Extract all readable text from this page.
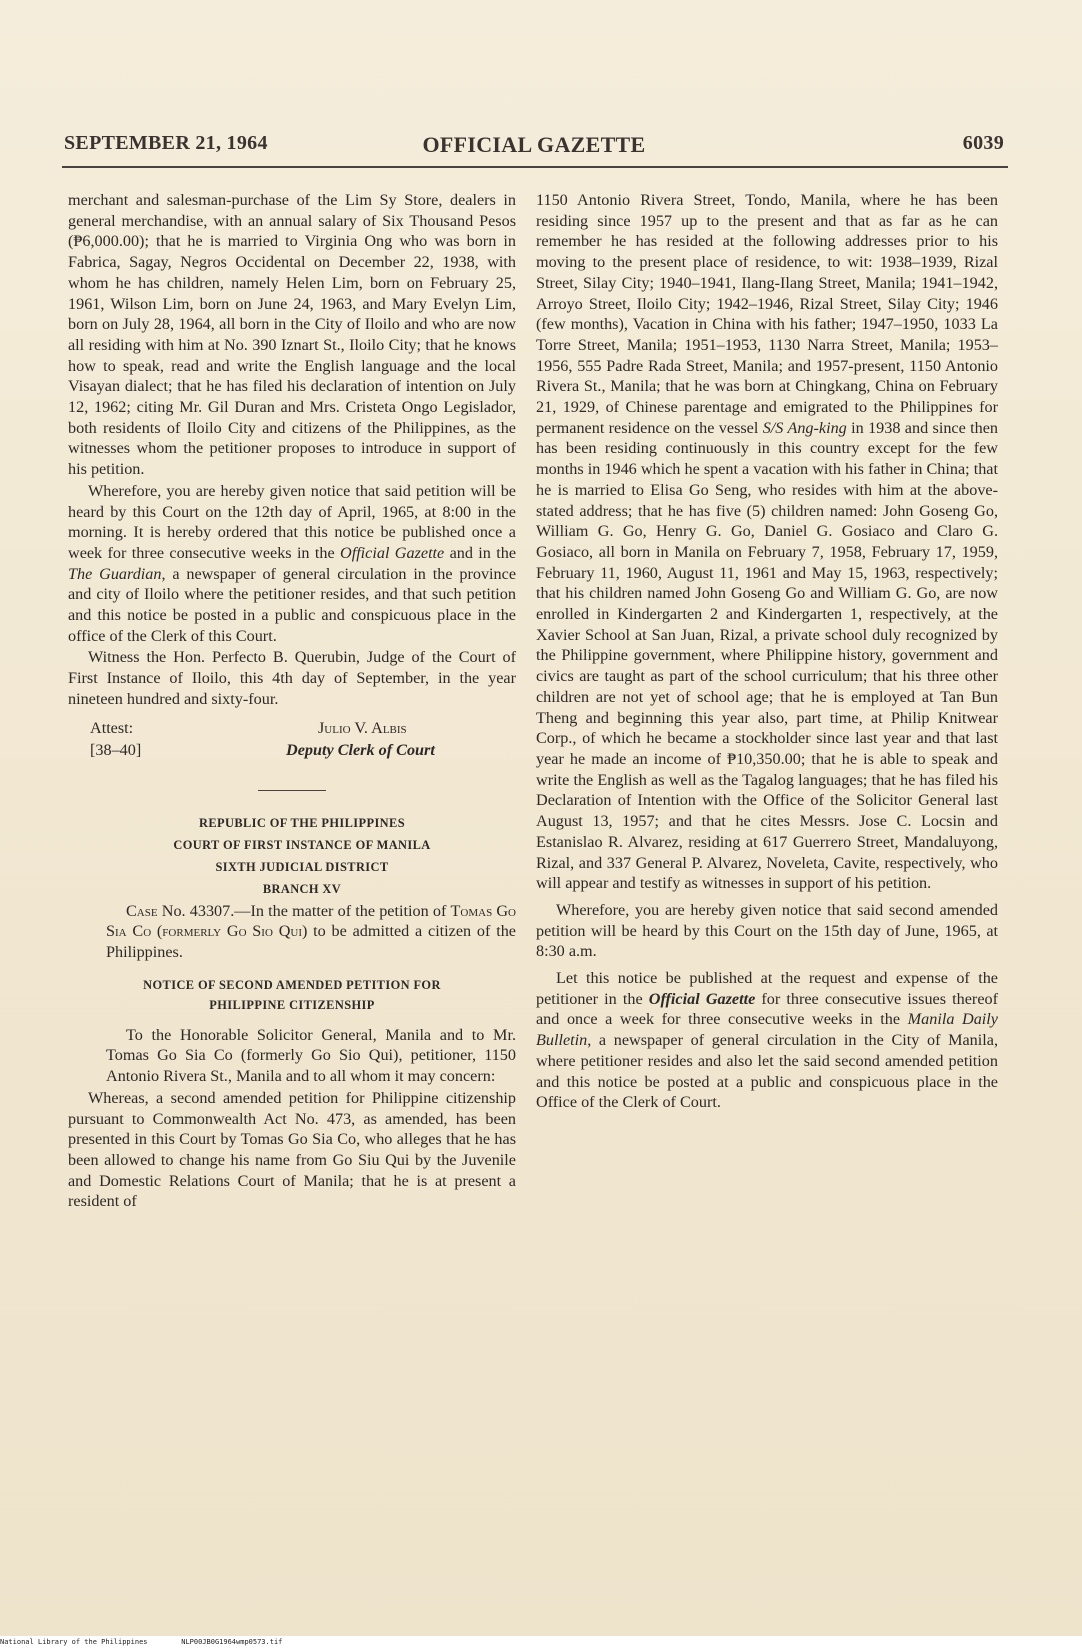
SEPTEMBER 21, 1964	OFFICIAL GAZETTE	6039

merchant and salesman-purchase of the Lim Sy Store, dealers in general merchandise, with an annual salary of Six Thousand Pesos (₱6,000.00); that he is married to Virginia Ong who was born in Fabrica, Sagay, Negros Occidental on December 22, 1938, with whom he has children, namely Helen Lim, born on February 25, 1961, Wilson Lim, born on June 24, 1963, and Mary Evelyn Lim, born on July 28, 1964, all born in the City of Iloilo and who are now all residing with him at No. 390 Iznart St., Iloilo City; that he knows how to speak, read and write the English language and the local Visayan dialect; that he has filed his declaration of intention on July 12, 1962; citing Mr. Gil Duran and Mrs. Cristeta Ongo Legislador, both residents of Iloilo City and citizens of the Philippines, as the witnesses whom the petitioner proposes to introduce in support of his petition.

Wherefore, you are hereby given notice that said petition will be heard by this Court on the 12th day of April, 1965, at 8:00 in the morning. It is hereby ordered that this notice be published once a week for three consecutive weeks in the Official Gazette and in the The Guardian, a newspaper of general circulation in the province and city of Iloilo where the petitioner resides, and that such petition and this notice be posted in a public and conspicuous place in the office of the Clerk of this Court.

Witness the Hon. Perfecto B. Querubin, Judge of the Court of First Instance of Iloilo, this 4th day of September, in the year nineteen hundred and sixty-four.

Attest:
[38–40]
Julio V. Albis
Deputy Clerk of Court

REPUBLIC OF THE PHILIPPINES

COURT OF FIRST INSTANCE OF MANILA

SIXTH JUDICIAL DISTRICT

BRANCH XV

Case No. 43307.—In the matter of the petition of Tomas Go Sia Co (formerly Go Sio Qui) to be admitted a citizen of the Philippines.

NOTICE OF SECOND AMENDED PETITION FOR
PHILIPPINE CITIZENSHIP

To the Honorable Solicitor General, Manila and to Mr. Tomas Go Sia Co (formerly Go Sio Qui), petitioner, 1150 Antonio Rivera St., Manila and to all whom it may concern:

Whereas, a second amended petition for Philippine citizenship pursuant to Commonwealth Act No. 473, as amended, has been presented in this Court by Tomas Go Sia Co, who alleges that he has been allowed to change his name from Go Siu Qui by the Juvenile and Domestic Relations Court of Manila; that he is at present a resident of

1150 Antonio Rivera Street, Tondo, Manila, where he has been residing since 1957 up to the present and that as far as he can remember he has resided at the following addresses prior to his moving to the present place of residence, to wit: 1938–1939, Rizal Street, Silay City; 1940–1941, Ilang-Ilang Street, Manila; 1941–1942, Arroyo Street, Iloilo City; 1942–1946, Rizal Street, Silay City; 1946 (few months), Vacation in China with his father; 1947–1950, 1033 La Torre Street, Manila; 1951–1953, 1130 Narra Street, Manila; 1953–1956, 555 Padre Rada Street, Manila; and 1957-present, 1150 Antonio Rivera St., Manila; that he was born at Chingkang, China on February 21, 1929, of Chinese parentage and emigrated to the Philippines for permanent residence on the vessel S/S Ang-king in 1938 and since then has been residing continuously in this country except for the few months in 1946 which he spent a vacation with his father in China; that he is married to Elisa Go Seng, who resides with him at the above-stated address; that he has five (5) children named: John Goseng Go, William G. Go, Henry G. Go, Daniel G. Gosiaco and Claro G. Gosiaco, all born in Manila on February 7, 1958, February 17, 1959, February 11, 1960, August 11, 1961 and May 15, 1963, respectively; that his children named John Goseng Go and William G. Go, are now enrolled in Kindergarten 2 and Kindergarten 1, respectively, at the Xavier School at San Juan, Rizal, a private school duly recognized by the Philippine government, where Philippine history, government and civics are taught as part of the school curriculum; that his three other children are not yet of school age; that he is employed at Tan Bun Theng and beginning this year also, part time, at Philip Knitwear Corp., of which he became a stockholder since last year and that last year he made an income of ₱10,350.00; that he is able to speak and write the English as well as the Tagalog languages; that he has filed his Declaration of Intention with the Office of the Solicitor General last August 13, 1957; and that he cites Messrs. Jose C. Locsin and Estanislao R. Alvarez, residing at 617 Guerrero Street, Mandaluyong, Rizal, and 337 General P. Alvarez, Noveleta, Cavite, respectively, who will appear and testify as witnesses in support of his petition.

Wherefore, you are hereby given notice that said second amended petition will be heard by this Court on the 15th day of June, 1965, at 8:30 a.m.

Let this notice be published at the request and expense of the petitioner in the Official Gazette for three consecutive issues thereof and once a week for three consecutive weeks in the Manila Daily Bulletin, a newspaper of general circulation in the City of Manila, where petitioner resides and also let the said second amended petition and this notice be posted at a public and conspicuous place in the Office of the Clerk of Court.

National Library of the Philippines	NLP00JB0G1964wmp0573.tif
